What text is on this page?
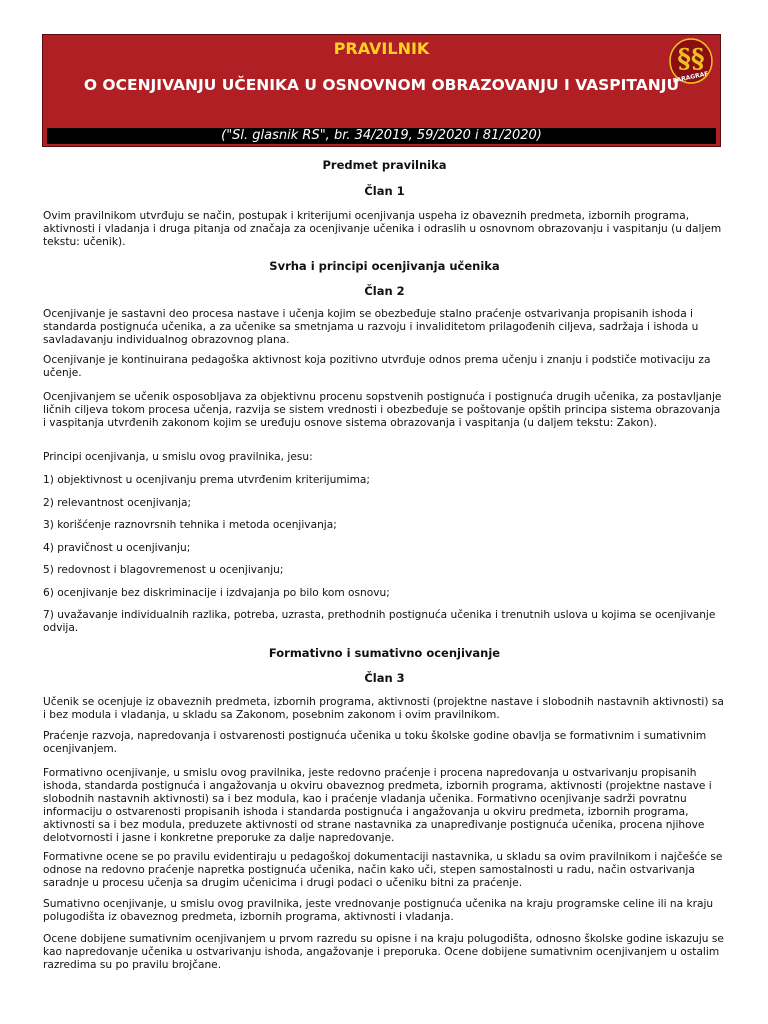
PRAVILNIK
O OCENJIVANJU UČENIKA U OSNOVNOM OBRAZOVANJU I VASPITANJU
("Sl. glasnik RS", br. 34/2019, 59/2020 i 81/2020)
§§
PARAGRAF
Predmet pravilnika
Član 1

Ovim pravilnikom utvrđuju se način, postupak i kriterijumi ocenjivanja uspeha iz obaveznih predmeta, izbornih programa, aktivnosti i vladanja i druga pitanja od značaja za ocenjivanje učenika i odraslih u osnovnom obrazovanju i vaspitanju (u daljem tekstu: učenik).

Svrha i principi ocenjivanja učenika
Član 2

Ocenjivanje je sastavni deo procesa nastave i učenja kojim se obezbeđuje stalno praćenje ostvarivanja propisanih ishoda i standarda postignuća učenika, a za učenike sa smetnjama u razvoju i invaliditetom prilagođenih ciljeva, sadržaja i ishoda u savladavanju individualnog obrazovnog plana.

Ocenjivanje je kontinuirana pedagoška aktivnost koja pozitivno utvrđuje odnos prema učenju i znanju i podstiče motivaciju za učenje.

Ocenjivanjem se učenik osposobljava za objektivnu procenu sopstvenih postignuća i postignuća drugih učenika, za postavljanje ličnih ciljeva tokom procesa učenja, razvija se sistem vrednosti i obezbeđuje se poštovanje opštih principa sistema obrazovanja i vaspitanja utvrđenih zakonom kojim se uređuju osnove sistema obrazovanja i vaspitanja (u daljem tekstu: Zakon).

Principi ocenjivanja, u smislu ovog pravilnika, jesu:

1) objektivnost u ocenjivanju prema utvrđenim kriterijumima;

2) relevantnost ocenjivanja;

3) korišćenje raznovrsnih tehnika i metoda ocenjivanja;

4) pravičnost u ocenjivanju;

5) redovnost i blagovremenost u ocenjivanju;

6) ocenjivanje bez diskriminacije i izdvajanja po bilo kom osnovu;

7) uvažavanje individualnih razlika, potreba, uzrasta, prethodnih postignuća učenika i trenutnih uslova u kojima se ocenjivanje odvija.

Formativno i sumativno ocenjivanje
Član 3

Učenik se ocenjuje iz obaveznih predmeta, izbornih programa, aktivnosti (projektne nastave i slobodnih nastavnih aktivnosti) sa i bez modula i vladanja, u skladu sa Zakonom, posebnim zakonom i ovim pravilnikom.

Praćenje razvoja, napredovanja i ostvarenosti postignuća učenika u toku školske godine obavlja se formativnim i sumativnim ocenjivanjem.

Formativno ocenjivanje, u smislu ovog pravilnika, jeste redovno praćenje i procena napredovanja u ostvarivanju propisanih ishoda, standarda postignuća i angažovanja u okviru obaveznog predmeta, izbornih programa, aktivnosti (projektne nastave i slobodnih nastavnih aktivnosti) sa i bez modula, kao i praćenje vladanja učenika. Formativno ocenjivanje sadrži povratnu informaciju o ostvarenosti propisanih ishoda i standarda postignuća i angažovanja u okviru predmeta, izbornih programa, aktivnosti sa i bez modula, preduzete aktivnosti od strane nastavnika za unapređivanje postignuća učenika, procena njihove delotvornosti i jasne i konkretne preporuke za dalje napredovanje.

Formativne ocene se po pravilu evidentiraju u pedagoškoj dokumentaciji nastavnika, u skladu sa ovim pravilnikom i najčešće se odnose na redovno praćenje napretka postignuća učenika, način kako uči, stepen samostalnosti u radu, način ostvarivanja saradnje u procesu učenja sa drugim učenicima i drugi podaci o učeniku bitni za praćenje.

Sumativno ocenjivanje, u smislu ovog pravilnika, jeste vrednovanje postignuća učenika na kraju programske celine ili na kraju polugodišta iz obaveznog predmeta, izbornih programa, aktivnosti i vladanja.

Ocene dobijene sumativnim ocenjivanjem u prvom razredu su opisne i na kraju polugodišta, odnosno školske godine iskazuju se kao napredovanje učenika u ostvarivanju ishoda, angažovanje i preporuka. Ocene dobijene sumativnim ocenjivanjem u ostalim razredima su po pravilu brojčane.
